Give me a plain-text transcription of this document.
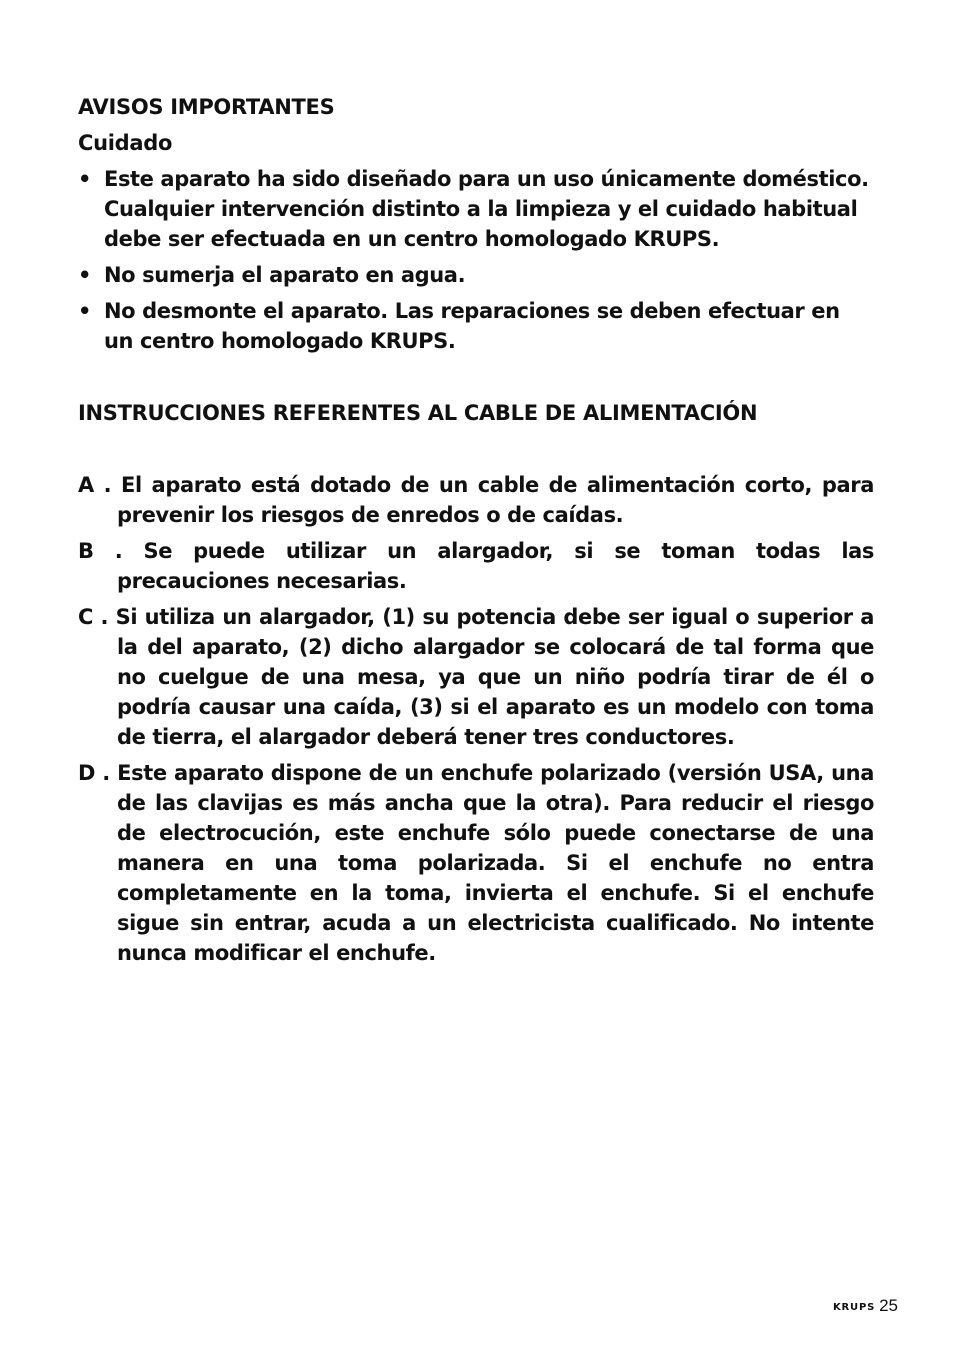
AVISOS IMPORTANTES
Cuidado
• Este aparato ha sido diseñado para un uso únicamente doméstico. Cualquier intervención distinto a la limpieza y el cuidado habitual debe ser efectuada en un centro homologado KRUPS.
• No sumerja el aparato en agua.
• No desmonte el aparato. Las reparaciones se deben efectuar en un centro homologado KRUPS.
INSTRUCCIONES REFERENTES AL CABLE DE ALIMENTACIÓN

A . El aparato está dotado de un cable de alimentación corto, para prevenir los riesgos de enredos o de caídas.

B . Se puede utilizar un alargador, si se toman todas las precauciones necesarias.

C . Si utiliza un alargador, (1) su potencia debe ser igual o superior a la del aparato, (2) dicho alargador se colocará de tal forma que no cuelgue de una mesa, ya que un niño podría tirar de él o podría causar una caída, (3) si el aparato es un modelo con toma de tierra, el alargador deberá tener tres conductores.

D . Este aparato dispone de un enchufe polarizado (versión USA, una de las clavijas es más ancha que la otra). Para reducir el riesgo de electrocución, este enchufe sólo puede conectarse de una manera en una toma polarizada. Si el enchufe no entra completamente en la toma, invierta el enchufe. Si el enchufe sigue sin entrar, acuda a un electricista cualificado. No intente nunca modificar el enchufe.

KRUPS 25
